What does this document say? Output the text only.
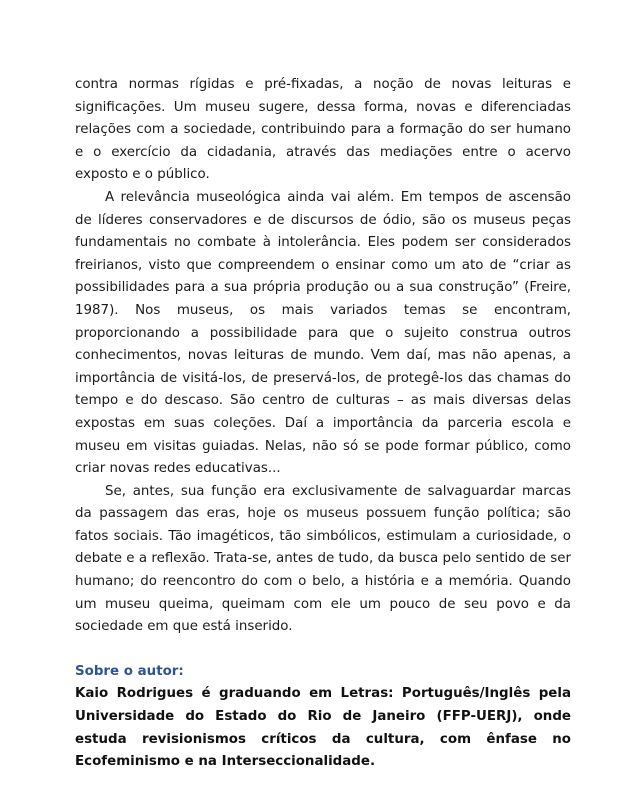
contra normas rígidas e pré-fixadas, a noção de novas leituras e significações. Um museu sugere, dessa forma, novas e diferenciadas relações com a sociedade, contribuindo para a formação do ser humano e o exercício da cidadania, através das mediações entre o acervo exposto e o público.

A relevância museológica ainda vai além. Em tempos de ascensão de líderes conservadores e de discursos de ódio, são os museus peças fundamentais no combate à intolerância. Eles podem ser considerados freirianos, visto que compreendem o ensinar como um ato de “criar as possibilidades para a sua própria produção ou a sua construção” (Freire, 1987). Nos museus, os mais variados temas se encontram, proporcionando a possibilidade para que o sujeito construa outros conhecimentos, novas leituras de mundo. Vem daí, mas não apenas, a importância de visitá-los, de preservá-los, de protegê-los das chamas do tempo e do descaso. São centro de culturas – as mais diversas delas expostas em suas coleções. Daí a importância da parceria escola e museu em visitas guiadas. Nelas, não só se pode formar público, como criar novas redes educativas...

Se, antes, sua função era exclusivamente de salvaguardar marcas da passagem das eras, hoje os museus possuem função política; são fatos sociais. Tão imagéticos, tão simbólicos, estimulam a curiosidade, o debate e a reflexão. Trata-se, antes de tudo, da busca pelo sentido de ser humano; do reencontro do com o belo, a história e a memória. Quando um museu queima, queimam com ele um pouco de seu povo e da sociedade em que está inserido.

Sobre o autor:

Kaio Rodrigues é graduando em Letras: Português/Inglês pela Universidade do Estado do Rio de Janeiro (FFP-UERJ), onde estuda revisionismos críticos da cultura, com ênfase no Ecofeminismo e na Interseccionalidade.
